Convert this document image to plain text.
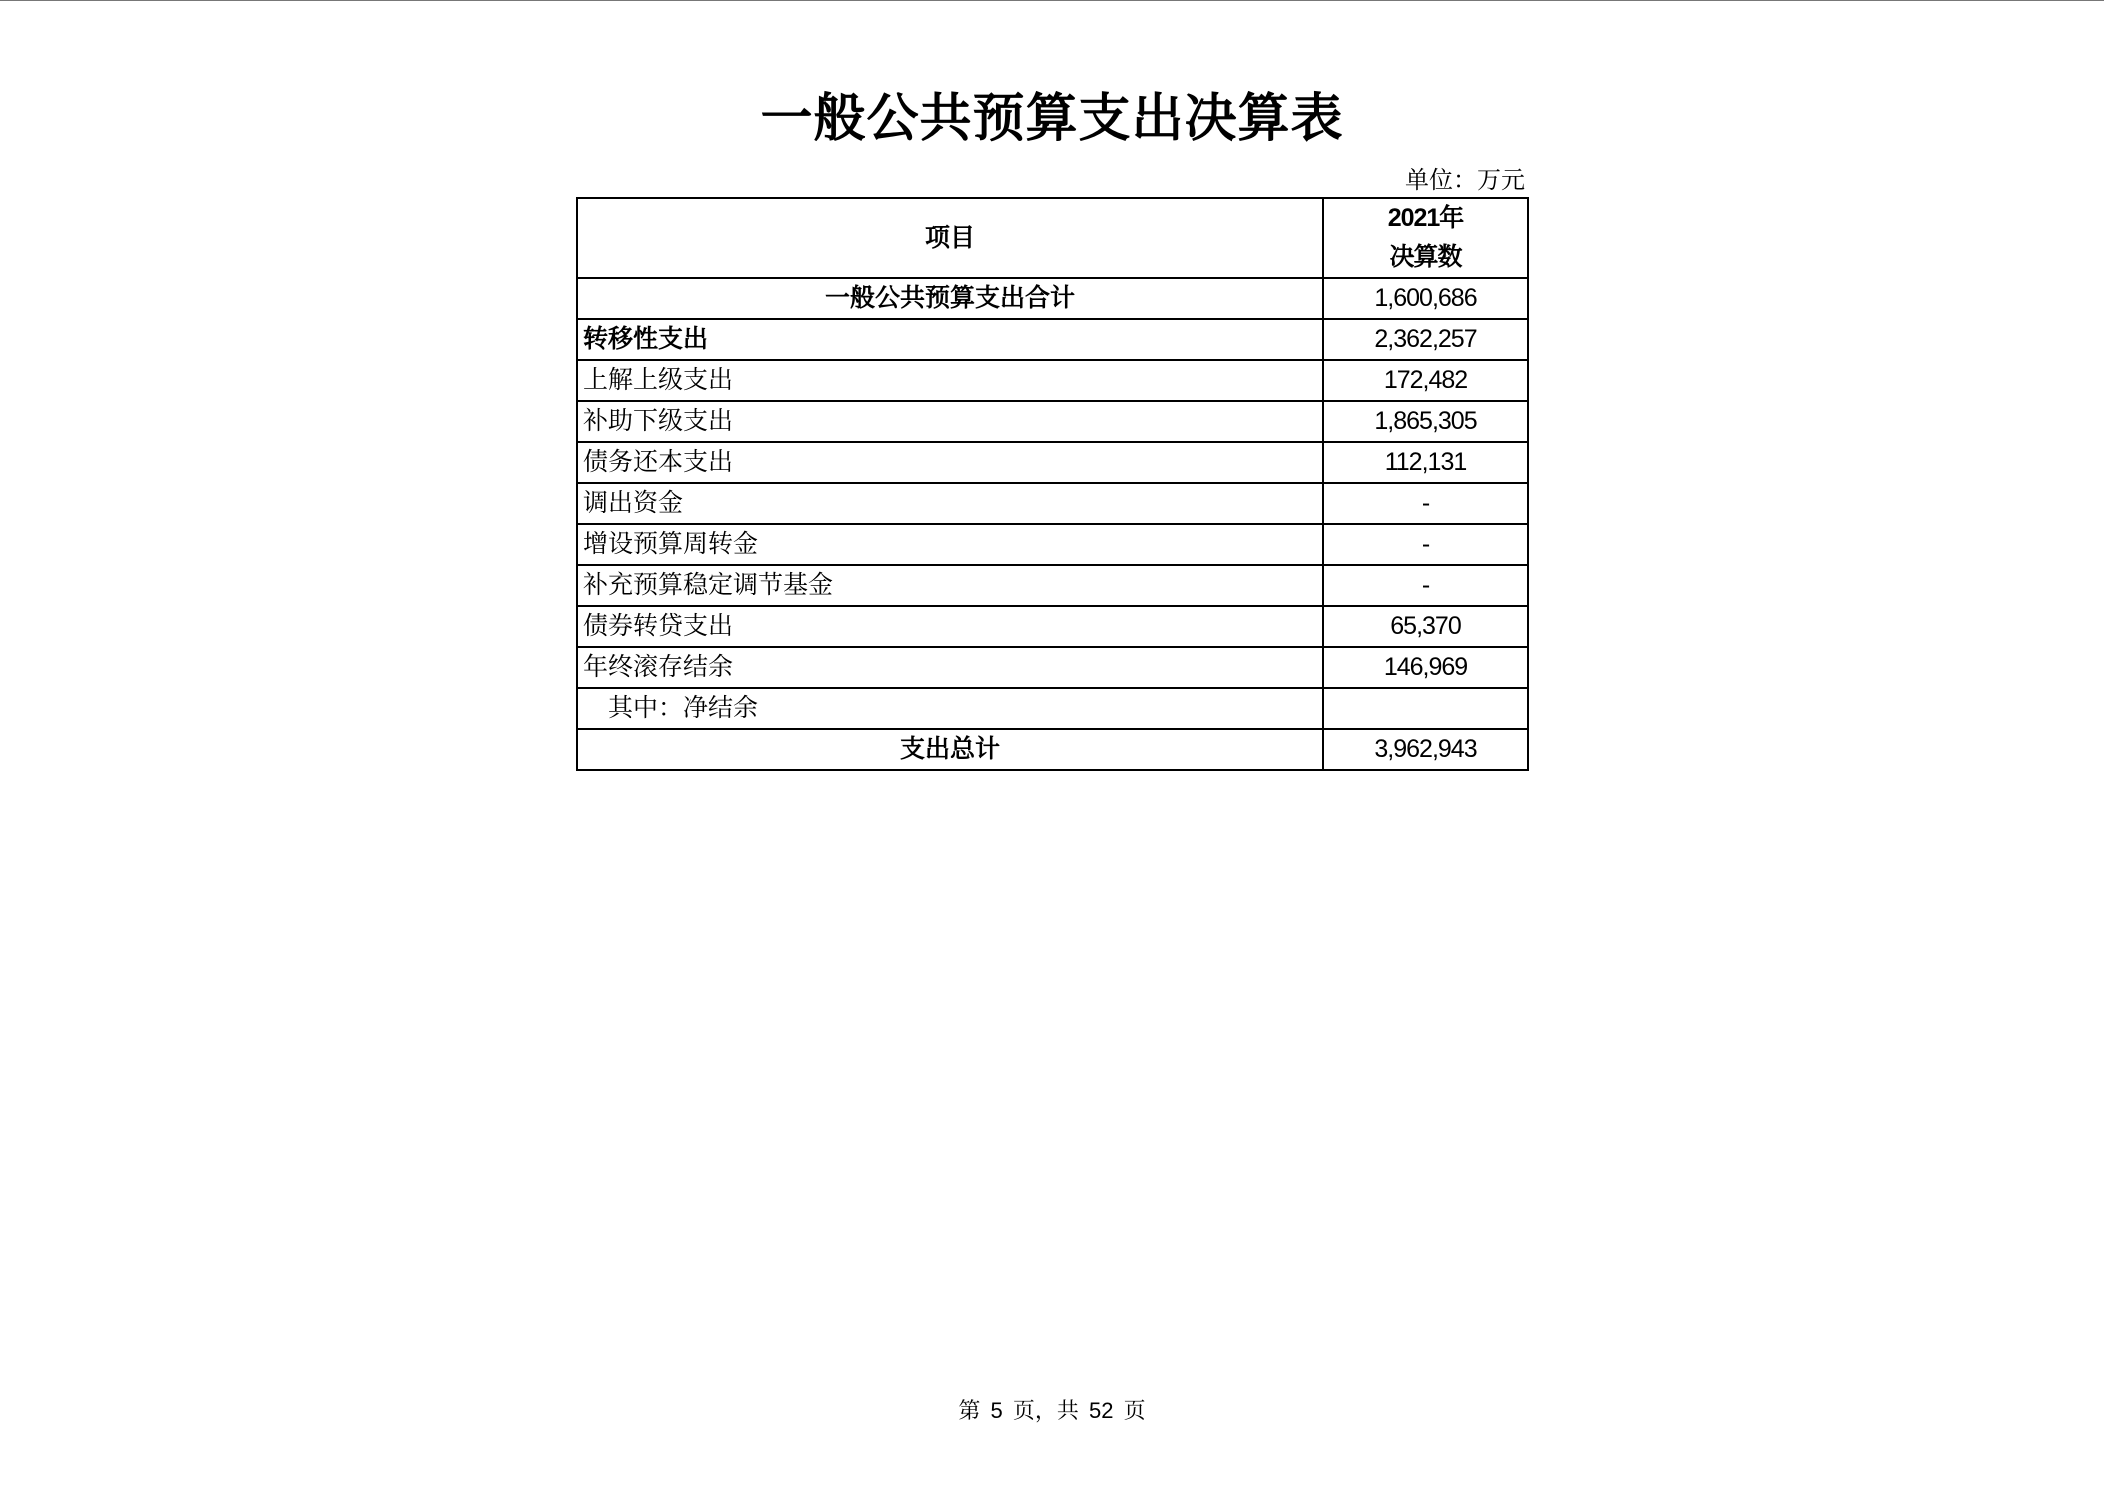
一般公共预算支出决算表
单位：万元
项目	2021年
决算数

一般公共预算支出合计	1,600,686
转移性支出	2,362,257
上解上级支出	172,482
补助下级支出	1,865,305
债务还本支出	112,131
调出资金	-
增设预算周转金	-
补充预算稳定调节基金	-
债券转贷支出	65,370
年终滚存结余	146,969
其中：净结余	
支出总计	3,962,943
第 5 页，共 52 页
